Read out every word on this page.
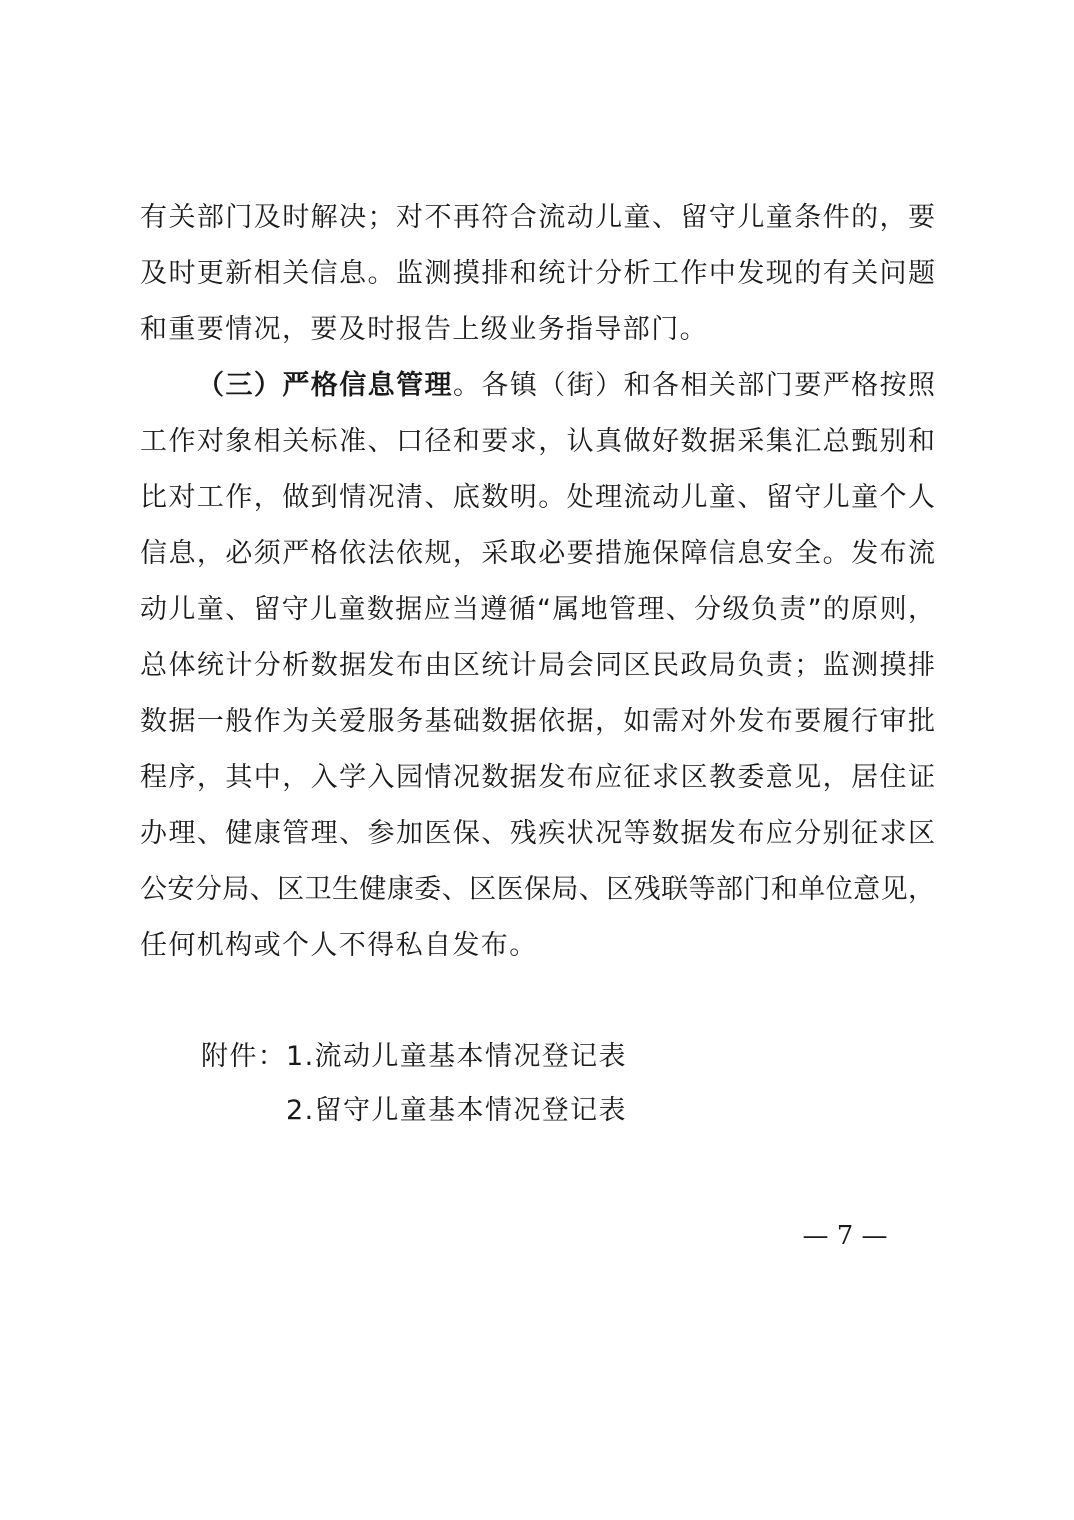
有关部门及时解决；对不再符合流动儿童、留守儿童条件的，要
及时更新相关信息。监测摸排和统计分析工作中发现的有关问题
和重要情况，要及时报告上级业务指导部门。
（三）严格信息管理。各镇（街）和各相关部门要严格按照
工作对象相关标准、口径和要求，认真做好数据采集汇总甄别和
比对工作，做到情况清、底数明。处理流动儿童、留守儿童个人
信息，必须严格依法依规，采取必要措施保障信息安全。发布流
动儿童、留守儿童数据应当遵循“属地管理、分级负责”的原则，
总体统计分析数据发布由区统计局会同区民政局负责；监测摸排
数据一般作为关爱服务基础数据依据，如需对外发布要履行审批
程序，其中，入学入园情况数据发布应征求区教委意见，居住证
办理、健康管理、参加医保、残疾状况等数据发布应分别征求区
公安分局、区卫生健康委、区医保局、区残联等部门和单位意见，
任何机构或个人不得私自发布。
附件：1.流动儿童基本情况登记表
2.留守儿童基本情况登记表
— 7 —
